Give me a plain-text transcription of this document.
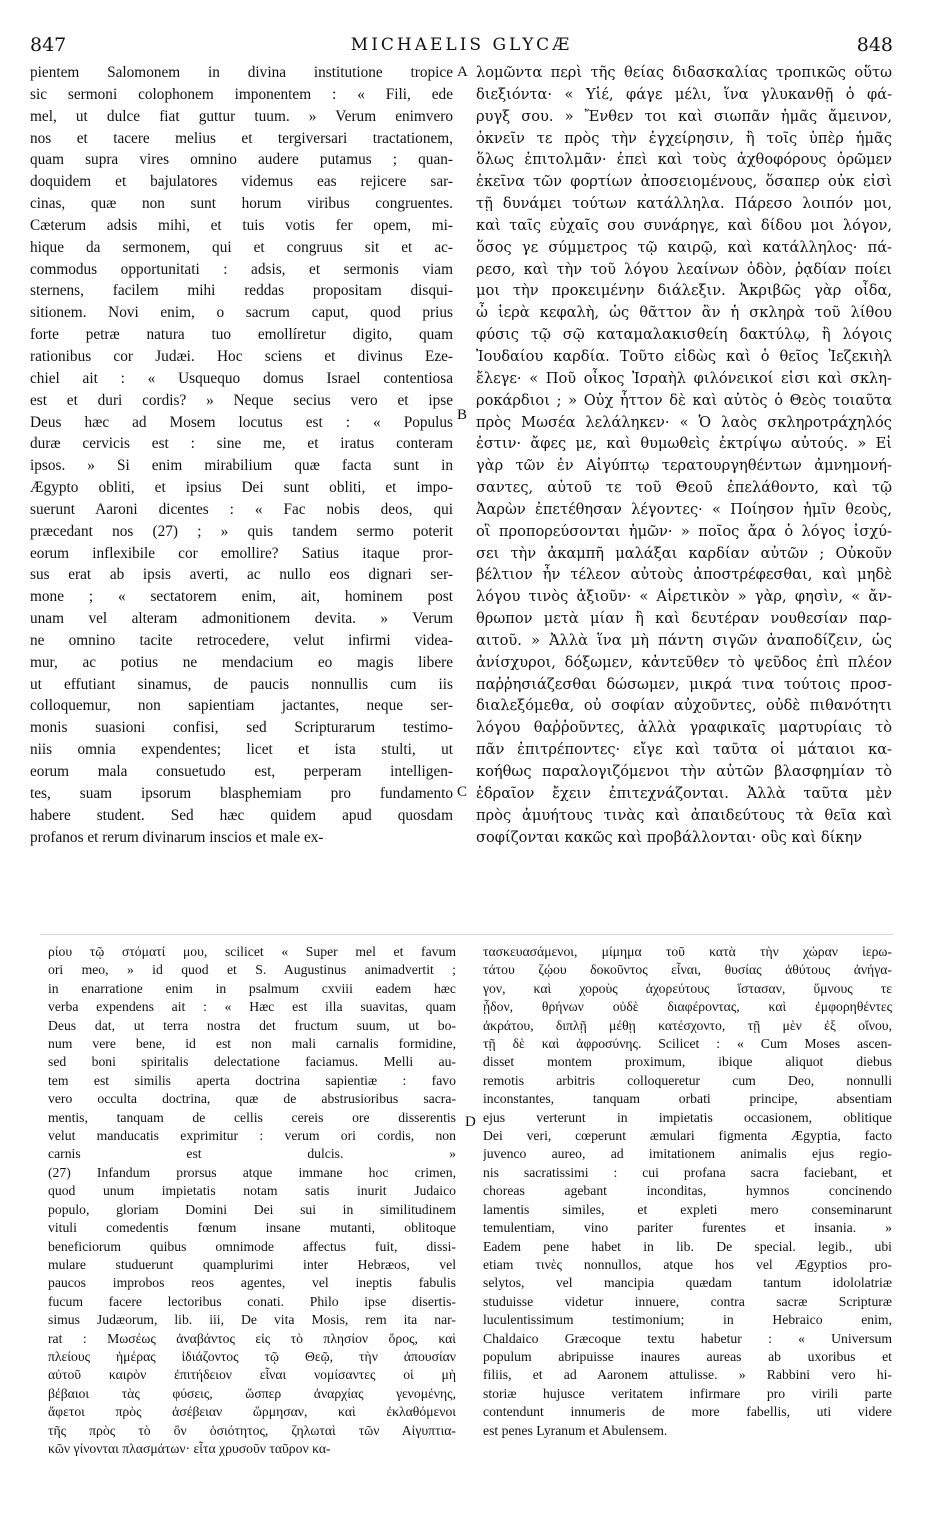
847	MICHAELIS GLYCÆ	848
pientem Salomonem in divina institutione tropice
sic sermoni colophonem imponentem : « Fili, ede
mel, ut dulce fiat guttur tuum. » Verum enimvero
nos et tacere melius et tergiversari tractationem,
quam supra vires omnino audere putamus ; quan-
doquidem et bajulatores videmus eas rejicere sar-
cinas, quæ non sunt horum viribus congruentes.
Cæterum adsis mihi, et tuis votis fer opem, mi-
hique da sermonem, qui et congruus sit et ac-
commodus opportunitati : adsis, et sermonis viam
sternens, facilem mihi reddas propositam disqui-
sitionem. Novi enim, o sacrum caput, quod prius
forte petræ natura tuo emollíretur digito, quam
rationibus cor Judæi. Hoc sciens et divinus Eze-
chiel ait : « Usquequo domus Israel contentiosa
est et duri cordis? » Neque secius vero et ipse
Deus hæc ad Mosem locutus est : « Populus
duræ cervicis est : sine me, et iratus conteram
ipsos. » Si enim mirabilium quæ facta sunt in
Ægypto obliti, et ipsius Dei sunt obliti, et impo-
suerunt Aaroni dicentes : « Fac nobis deos, qui
præcedant nos (27) ; » quis tandem sermo poterit
eorum inflexibile cor emollire? Satius itaque pror-
sus erat ab ipsis averti, ac nullo eos dignari ser-
mone ; « sectatorem enim, ait, hominem post
unam vel alteram admonitionem devita. » Verum
ne omnino tacite retrocedere, velut infirmi videa-
mur, ac potius ne mendacium eo magis libere
ut effutiant sinamus, de paucis nonnullis cum iis
colloquemur, non sapientiam jactantes, neque ser-
monis suasioni confisi, sed Scripturarum testimo-
niis omnia expendentes; licet et ista stulti, ut
eorum mala consuetudo est, perperam intelligen-
tes, suam ipsorum blasphemiam pro fundamento
habere student. Sed hæc quidem apud quosdam
profanos et rerum divinarum inscios et male ex-
λομῶντα περὶ τῆς θείας διδασκαλίας τροπικῶς οὕτω
διεξιόντα· « Υἱέ, φάγε μέλι, ἵνα γλυκανθῇ ὁ φά-
ρυγξ σου. » Ἔνθεν τοι καὶ σιωπᾶν ἡμᾶς ἄμεινον,
ὀκνεῖν τε πρὸς τὴν ἐγχείρησιν, ἢ τοῖς ὑπὲρ ἡμᾶς
ὅλως ἐπιτολμᾶν· ἐπεὶ καὶ τοὺς ἀχθοφόρους ὁρῶμεν
ἐκεῖνα τῶν φορτίων ἀποσειομένους, ὅσαπερ οὐκ εἰσὶ
τῇ δυνάμει τούτων κατάλληλα. Πάρεσο λοιπόν μοι,
καὶ ταῖς εὐχαῖς σου συνάρηγε, καὶ δίδου μοι λόγον,
ὅσος γε σύμμετρος τῷ καιρῷ, καὶ κατάλληλος· πά-
ρεσο, καὶ τὴν τοῦ λόγου λεαίνων ὁδὸν, ῥᾳδίαν ποίει
μοι τὴν προκειμένην διάλεξιν. Ἀκριβῶς γὰρ οἶδα,
ὦ ἱερὰ κεφαλὴ, ὡς θᾶττον ἂν ἡ σκληρὰ τοῦ λίθου
φύσις τῷ σῷ καταμαλακισθείη δακτύλῳ, ἢ λόγοις
Ἰουδαίου καρδία. Τοῦτο εἰδὼς καὶ ὁ θεῖος Ἰεζεκιὴλ
ἔλεγε· « Ποῦ οἶκος Ἰσραὴλ φιλόνεικοί εἰσι καὶ σκλη-
ροκάρδιοι ; » Οὐχ ἧττον δὲ καὶ αὐτὸς ὁ Θεὸς τοιαῦτα
πρὸς Μωσέα λελάληκεν· « Ὁ λαὸς σκληροτράχηλός
ἐστιν· ἄφες με, καὶ θυμωθεὶς ἐκτρίψω αὐτούς. » Εἰ
γὰρ τῶν ἐν Αἰγύπτῳ τερατουργηθέντων ἀμνημονή-
σαντες, αὐτοῦ τε τοῦ Θεοῦ ἐπελάθοντο, καὶ τῷ
Ἀαρὼν ἐπετέθησαν λέγοντες· « Ποίησον ἡμῖν θεοὺς,
οἳ προπορεύσονται ἡμῶν· » ποῖος ἄρα ὁ λόγος ἰσχύ-
σει τὴν ἀκαμπῆ μαλάξαι καρδίαν αὐτῶν ; Οὐκοῦν
βέλτιον ἦν τέλεον αὐτοὺς ἀποστρέφεσθαι, καὶ μηδὲ
λόγου τινὸς ἀξιοῦν· « Αἱρετικὸν » γὰρ, φησὶν, « ἄν-
θρωπον μετὰ μίαν ἢ καὶ δευτέραν νουθεσίαν παρ-
αιτοῦ. » Ἀλλὰ ἵνα μὴ πάντη σιγῶν ἀναποδίζειν, ὡς
ἀνίσχυροι, δόξωμεν, κἀντεῦθεν τὸ ψεῦδος ἐπὶ πλέον
παῤῥησιάζεσθαι δώσωμεν, μικρά τινα τούτοις προσ-
διαλεξόμεθα, οὐ σοφίαν αὐχοῦντες, οὐδὲ πιθανότητι
λόγου θαῤῥοῦντες, ἀλλὰ γραφικαῖς μαρτυρίαις τὸ
πᾶν ἐπιτρέποντες· εἴγε καὶ ταῦτα οἱ μάταιοι κα-
κοήθως παραλογιζόμενοι τὴν αὐτῶν βλασφημίαν τὸ
ἑδραῖον ἔχειν ἐπιτεχνάζονται. Ἀλλὰ ταῦτα μὲν
πρὸς ἀμυήτους τινὰς καὶ ἀπαιδεύτους τὰ θεῖα καὶ
σοφίζονται κακῶς καὶ προβάλλονται· οὓς καὶ δίκην
A
B
C
D
ρίου τῷ στόματί μου, scilicet « Super mel et favum
ori meo, » id quod et S. Augustinus animadvertit ;
in enarratione enim in psalmum cxviii eadem hæc
verba expendens ait : « Hæc est illa suavitas, quam
Deus dat, ut terra nostra det fructum suum, ut bo-
num vere bene, id est non mali carnalis formidine,
sed boni spiritalis delectatione faciamus. Melli au-
tem est similis aperta doctrina sapientiæ : favo
vero occulta doctrina, quæ de abstrusioribus sacra-
mentis, tanquam de cellis cereis ore disserentis
velut manducatis exprimitur : verum ori cordis, non
carnis est dulcis. »
(27) Infandum prorsus atque immane hoc crimen,
quod unum impietatis notam satis inurit Judaico
populo, gloriam Domini Dei sui in similitudinem
vituli comedentis fœnum insane mutanti, oblitoque
beneficiorum quibus omnimode affectus fuit, dissi-
mulare studuerunt quamplurimi inter Hebræos, vel
paucos improbos reos agentes, vel ineptis fabulis
fucum facere lectoribus conati. Philo ipse disertis-
simus Judæorum, lib. iii, De vita Mosis, rem ita nar-
rat : Μωσέως ἀναβάντος εἰς τὸ πλησίον ὄρος, καὶ
πλείους ἡμέρας ἰδιάζοντος τῷ Θεῷ, τὴν ἀπουσίαν
αὐτοῦ καιρὸν ἐπιτήδειον εἶναι νομίσαντες οἱ μὴ
βέβαιοι τὰς φύσεις, ὥσπερ ἀναρχίας γενομένης,
ἄφετοι πρὸς ἀσέβειαν ὥρμησαν, καὶ ἐκλαθόμενοι
τῆς πρὸς τὸ ὂν ὁσιότητος, ζηλωταὶ τῶν Αἰγυπτια-
κῶν γίνονται πλασμάτων· εἶτα χρυσοῦν ταῦρον κα-
τασκευασάμενοι, μίμημα τοῦ κατὰ τὴν χώραν ἱερω-
τάτου ζῴου δοκοῦντος εἶναι, θυσίας ἀθύτους ἀνήγα-
γον, καὶ χοροὺς ἀχορεύτους ἵστασαν, ὕμνους τε
ᾖδον, θρήνων οὐδὲ διαφέροντας, καὶ ἐμφορηθέντες
ἀκράτου, διπλῇ μέθῃ κατέσχοντο, τῇ μὲν ἐξ οἴνου,
τῇ δὲ καὶ ἀφροσύνης. Scilicet : « Cum Moses ascen-
disset montem proximum, ibique aliquot diebus
remotis arbitris colloqueretur cum Deo, nonnulli
inconstantes, tanquam orbati principe, absentiam
ejus verterunt in impietatis occasionem, oblitique
Dei veri, cœperunt æmulari figmenta Ægyptia, facto
juvenco aureo, ad imitationem animalis ejus regio-
nis sacratissimi : cui profana sacra faciebant, et
choreas agebant inconditas, hymnos concinendo
lamentis similes, et expleti mero conseminarunt
temulentiam, vino pariter furentes et insania. »
Eadem pene habet in lib. De special. legib., ubi
etiam τινὲς nonnullos, atque hos vel Ægyptios pro-
selytos, vel mancipia quædam tantum idololatriæ
studuisse videtur innuere, contra sacræ Scripturæ
luculentissimum testimonium; in Hebraico enim,
Chaldaico Græcoque textu habetur : « Universum
populum abripuisse inaures aureas ab uxoribus et
filiis, et ad Aaronem attulisse. » Rabbini vero hi-
storiæ hujusce veritatem infirmare pro virili parte
contendunt innumeris de more fabellis, uti videre
est penes Lyranum et Abulensem.
